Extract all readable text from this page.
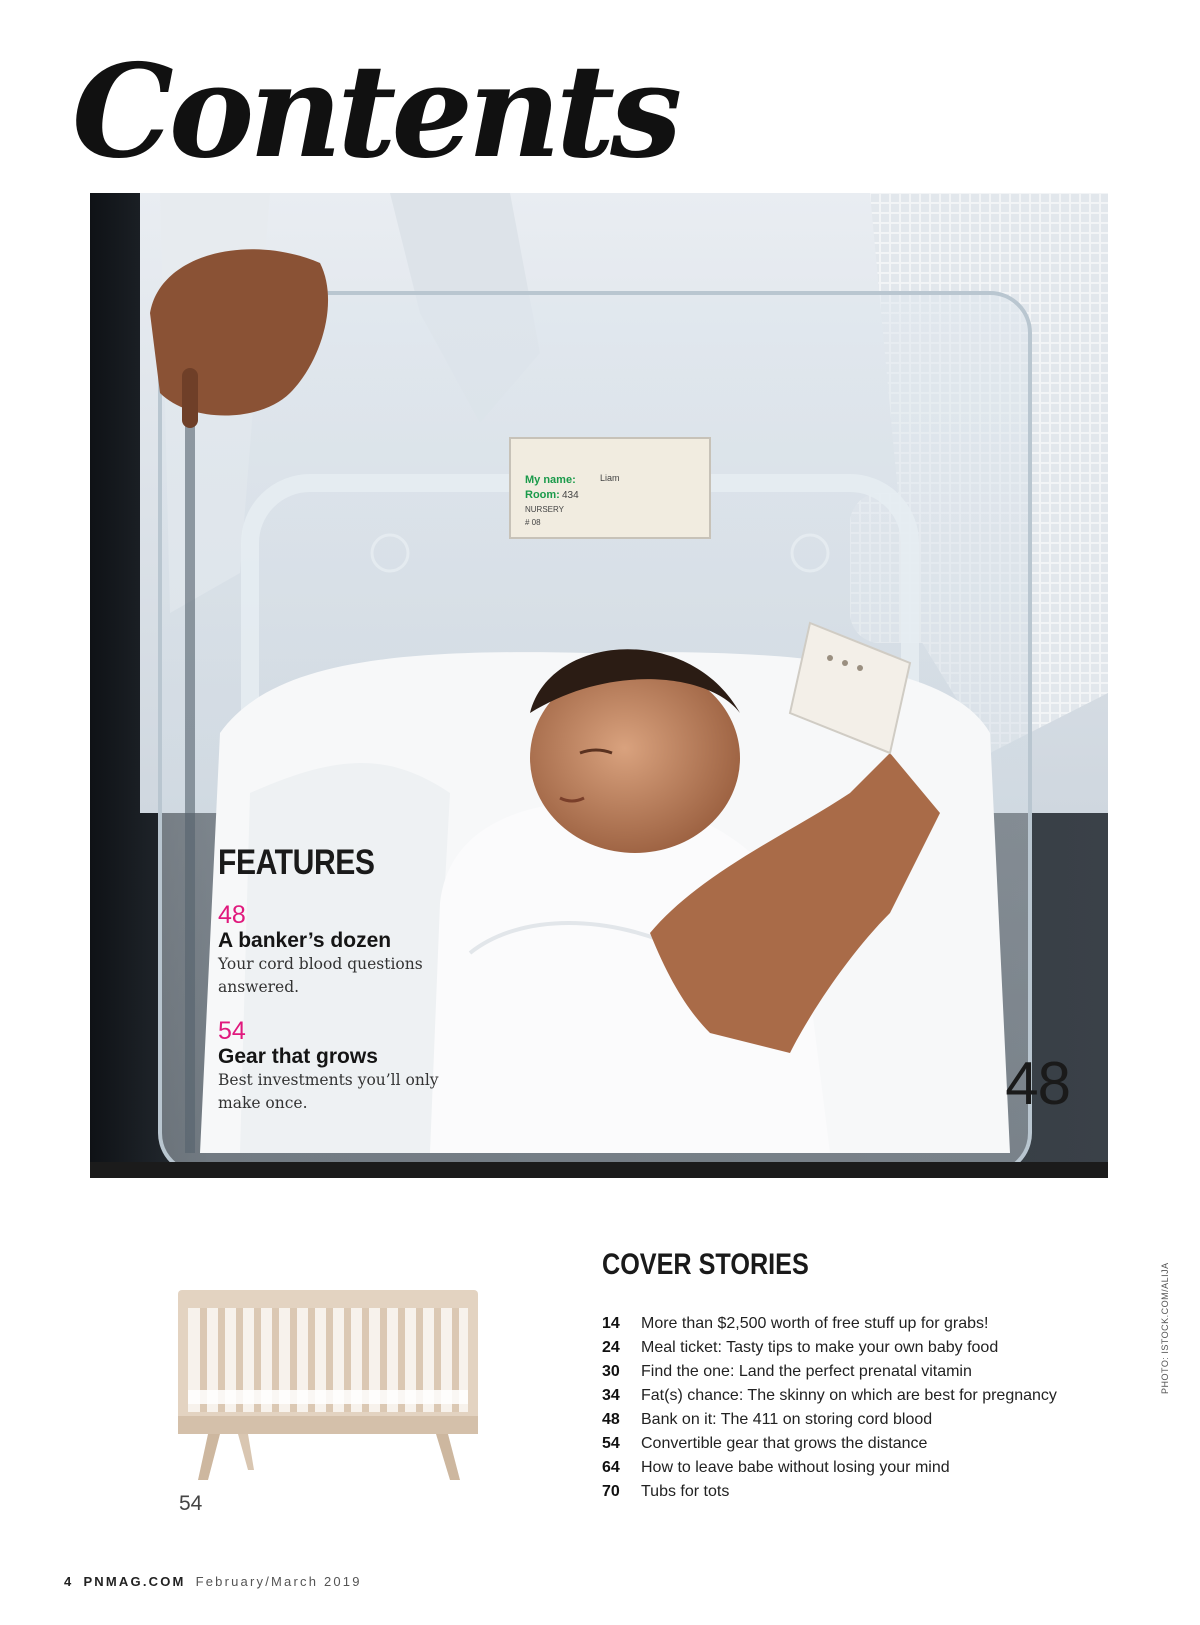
Contents
My name:	Liam
Room: 434
NURSERY
# 08
FEATURES
48
A banker’s dozen
Your cord blood questions
answered.
54
Gear that grows
Best investments you’ll only
make once.	48
54
COVER STORIES
14	More than $2,500 worth of free stuff up for grabs!
24	Meal ticket: Tasty tips to make your own baby food
30	Find the one: Land the perfect prenatal vitamin
34	Fat(s) chance: The skinny on which are best for pregnancy
48	Bank on it: The 411 on storing cord blood
54	Convertible gear that grows the distance
64	How to leave babe without losing your mind
70	Tubs for tots
PHOTO: ISTOCK.COM/ALIJA
4 PNMAG.COM February/March 2019
